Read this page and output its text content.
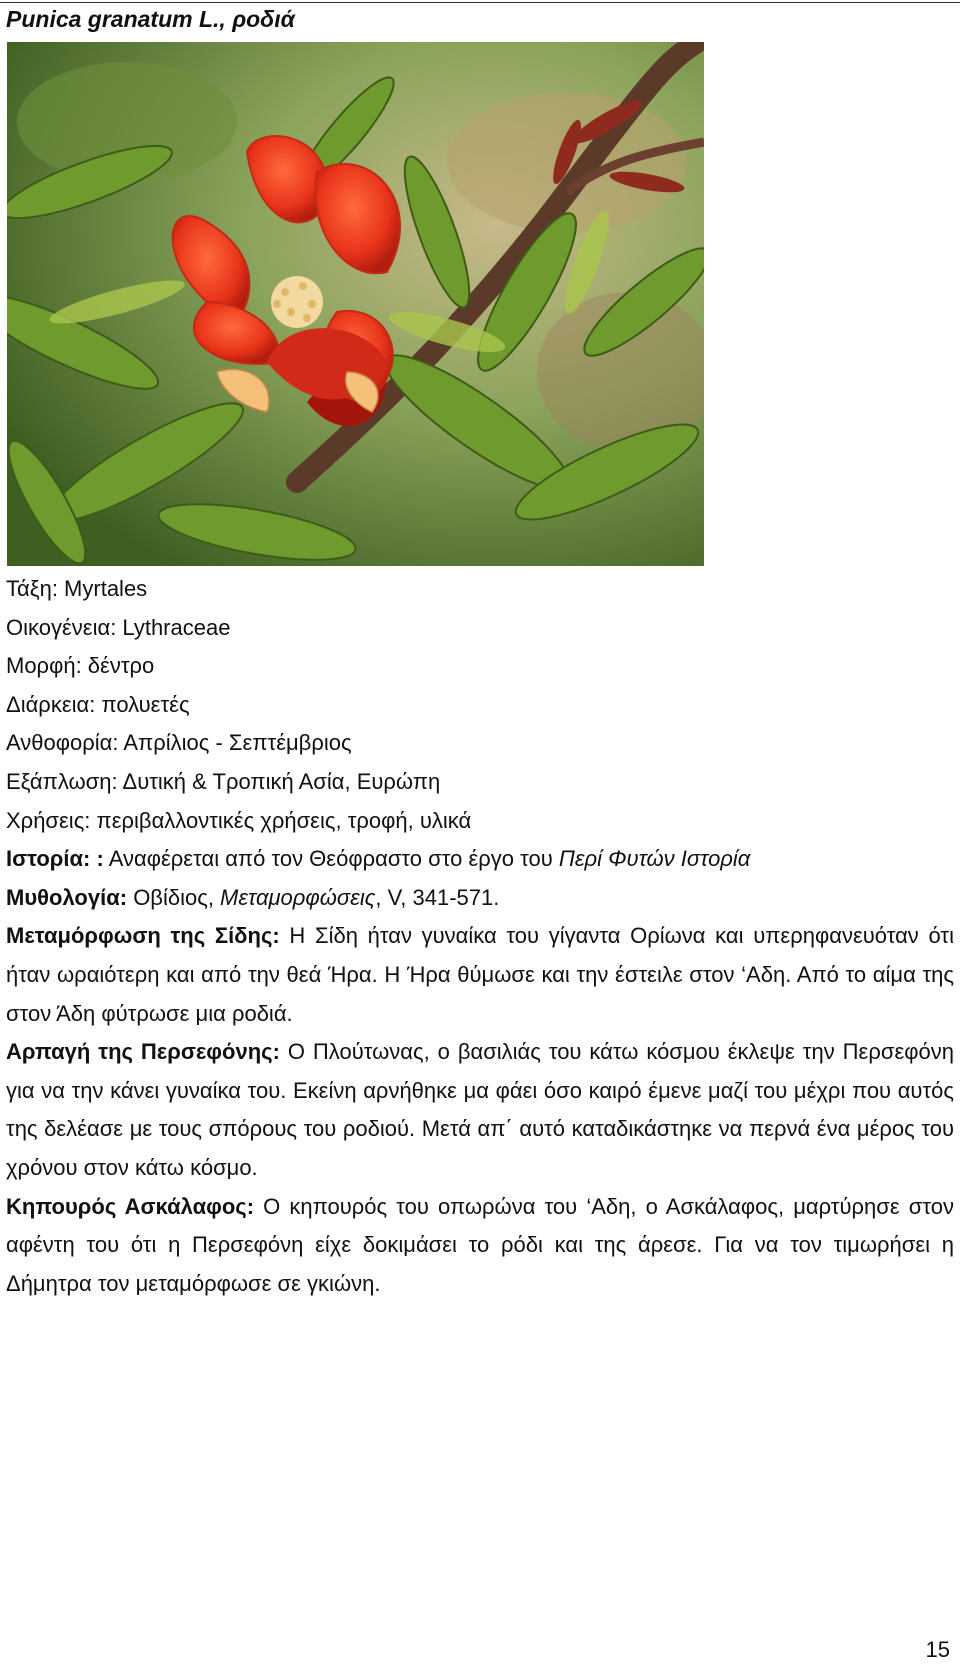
Punica granatum L., ροδιά
Τάξη: Myrtales
Οικογένεια: Lythraceae
Μορφή: δέντρο
Διάρκεια: πολυετές
Ανθοφορία: Απρίλιος - Σεπτέμβριος
Εξάπλωση: Δυτική & Τροπική Ασία, Ευρώπη
Χρήσεις: περιβαλλοντικές χρήσεις, τροφή, υλικά
Ιστορία: : Αναφέρεται από τον Θεόφραστο στο έργο του Περί Φυτών Ιστορία
Μυθολογία: Οβίδιος, Μεταμορφώσεις, V, 341-571.

Μεταμόρφωση της Σίδης: Η Σίδη ήταν γυναίκα του γίγαντα Ορίωνα και υπερηφανευόταν ότι ήταν ωραιότερη και από την θεά Ήρα. Η Ήρα θύμωσε και την έστειλε στον ‘Αδη. Από το αίμα της στον Άδη φύτρωσε μια ροδιά.

Αρπαγή της Περσεφόνης: Ο Πλούτωνας, ο βασιλιάς του κάτω κόσμου έκλεψε την Περσεφόνη για να την κάνει γυναίκα του. Εκείνη αρνήθηκε μα φάει όσο καιρό έμενε μαζί του μέχρι που αυτός της δελέασε με τους σπόρους του ροδιού. Μετά απ΄ αυτό καταδικάστηκε να περνά ένα μέρος του χρόνου στον κάτω κόσμο.

Κηπουρός Ασκάλαφος: Ο κηπουρός του οπωρώνα του ‘Αδη, ο Ασκάλαφος, μαρτύρησε στον αφέντη του ότι η Περσεφόνη είχε δοκιμάσει το ρόδι και της άρεσε. Για να τον τιμωρήσει η Δήμητρα τον μεταμόρφωσε σε γκιώνη.

15
